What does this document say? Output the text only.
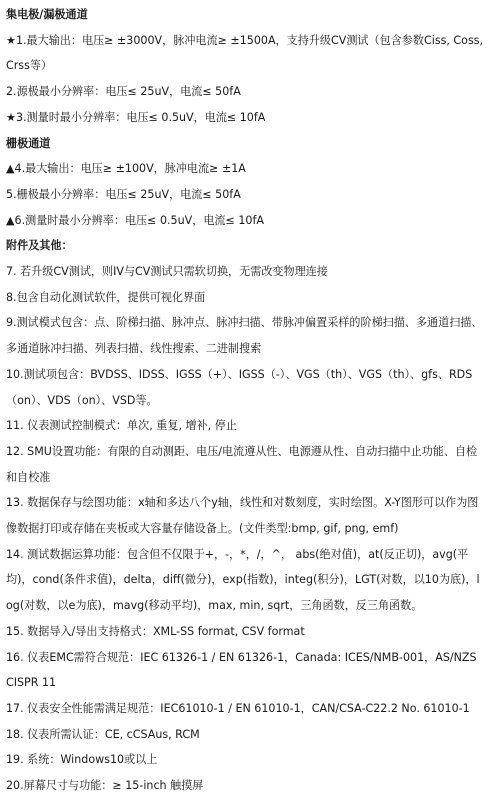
集电极/漏极通道

★1.最大输出：电压≥ ±3000V，脉冲电流≥ ±1500A，支持升级CV测试（包含参数Ciss, Coss, Crss等）

2.源极最小分辨率：电压≤ 25uV，电流≤ 50fA

★3.测量时最小分辨率：电压≤ 0.5uV，电流≤ 10fA

栅极通道

▲4.最大输出：电压≥ ±100V，脉冲电流≥ ±1A

5.栅极最小分辨率：电压≤ 25uV，电流≤ 50fA

▲6.测量时最小分辨率：电压≤ 0.5uV，电流≤ 10fA

附件及其他：

7. 若升级CV测试，则IV与CV测试只需软切换，无需改变物理连接

8.包含自动化测试软件，提供可视化界面

9.测试模式包含：点、阶梯扫描、脉冲点、脉冲扫描、带脉冲偏置采样的阶梯扫描、多通道扫描、多通道脉冲扫描、列表扫描、线性搜索、二进制搜索

10.测试项包含：BVDSS、IDSS、IGSS（+）、IGSS（-）、VGS（th）、VGS（th）、gfs、RDS（on）、VDS（on）、VSD等。

11. 仪表测试控制模式：单次, 重复, 增补, 停止

12. SMU设置功能：有限的自动测距、电压/电流遵从性、电源遵从性、自动扫描中止功能、自检和自校准

13. 数据保存与绘图功能：x轴和多达八个y轴，线性和对数刻度，实时绘图。X-Y图形可以作为图像数据打印或存储在夹板或大容量存储设备上。(文件类型:bmp, gif, png, emf)

14. 测试数据运算功能：包含但不仅限于+，-，*，/，^， abs(绝对值)，at(反正切)，avg(平均)，cond(条件求值)，delta，diff(微分)，exp(指数)，integ(积分)，LGT(对数，以10为底)，log(对数，以e为底)，mavg(移动平均)，max, min, sqrt，三角函数，反三角函数。

15. 数据导入/导出支持格式：XML-SS format, CSV format

16. 仪表EMC需符合规范：IEC 61326-1 / EN 61326-1，Canada: ICES/NMB-001，AS/NZS CISPR 11

17. 仪表安全性能需满足规范：IEC61010-1 / EN 61010-1，CAN/CSA-C22.2 No. 61010-1

18. 仪表所需认证：CE, cCSAus, RCM

19. 系统：Windows10或以上

20.屏幕尺寸与功能：≥ 15-inch 触摸屏
